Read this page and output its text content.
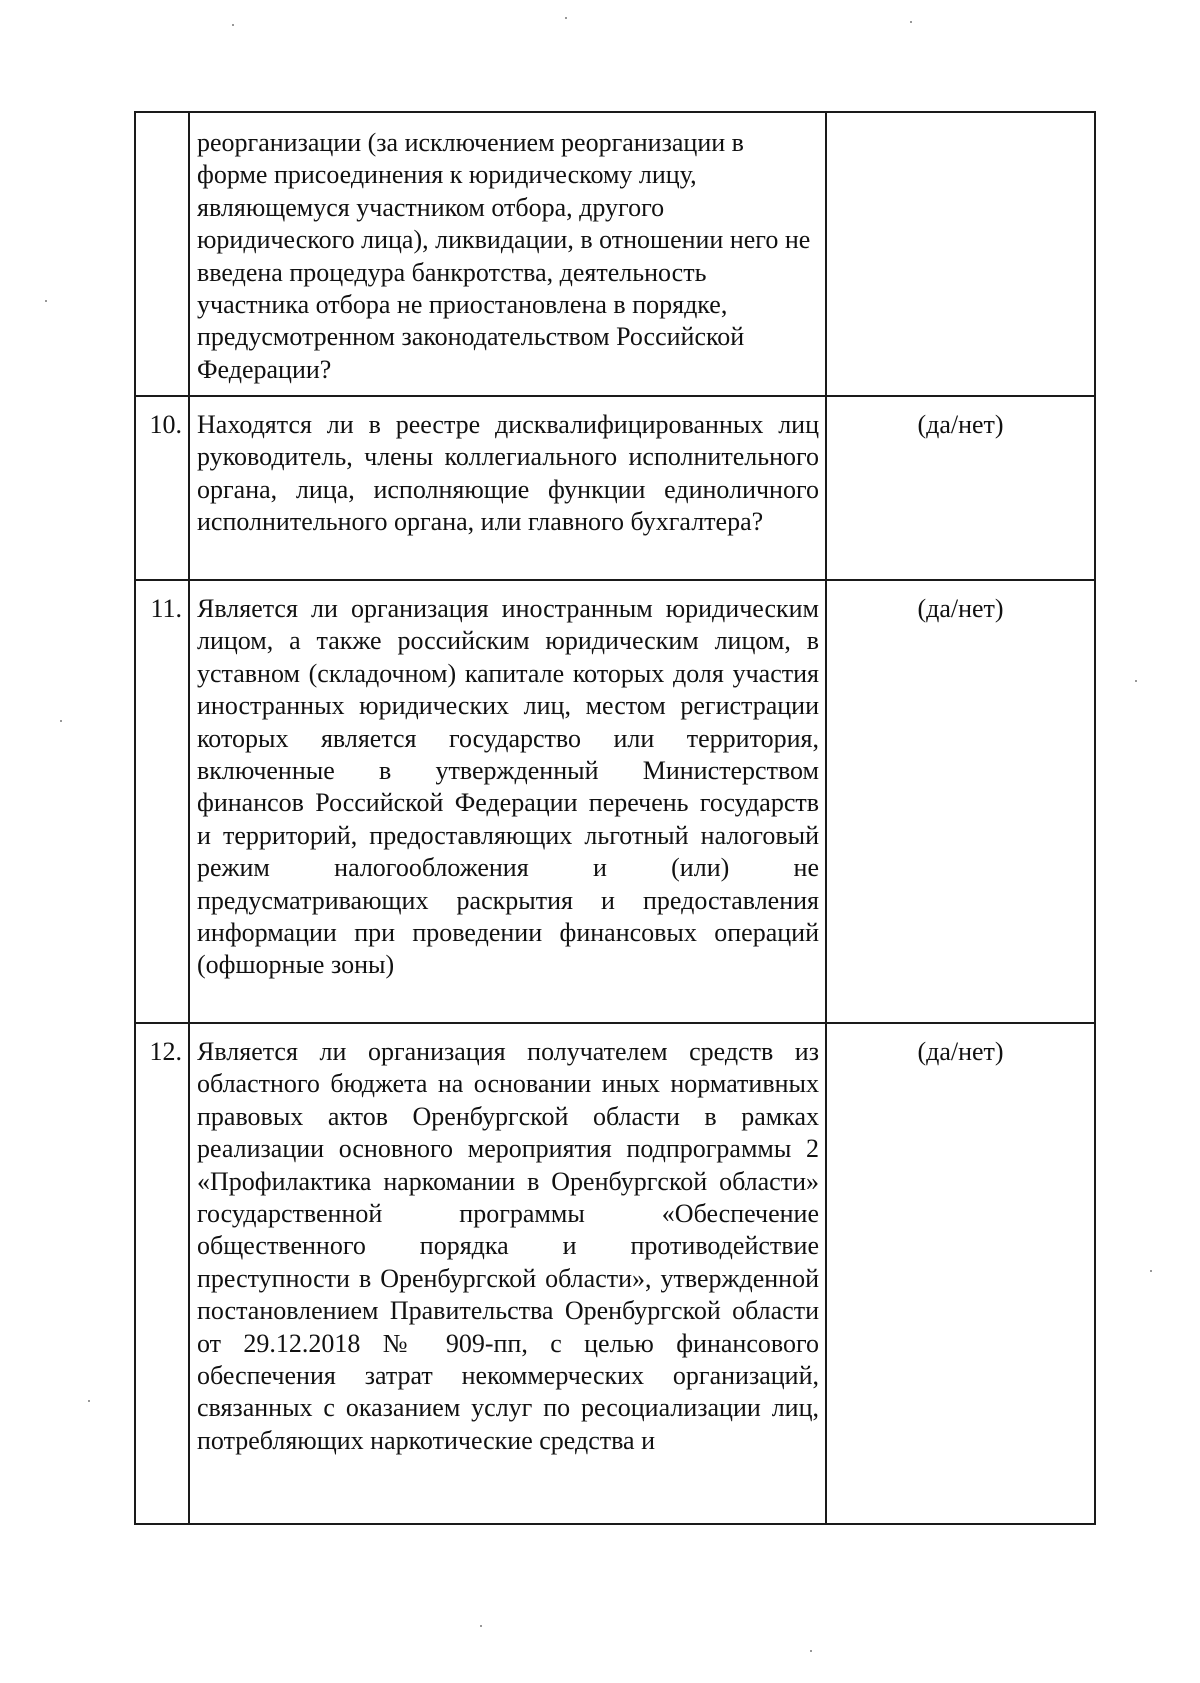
	реорганизации (за исключением реорганизации в форме присоединения к юридическому лицу, являющемуся участником отбора, другого юридического лица), ликвидации, в отношении него не введена процедура банкротства, деятельность участника отбора не приостановлена в порядке, предусмотренном законодательством Российской Федерации?	
10.	Находятся ли в реестре дисквалифицированных лиц руководитель, члены коллегиального исполнительного органа, лица, исполняющие функции единоличного исполнительного органа, или главного бухгалтера?	(да/нет)
11.	Является ли организация иностранным юридическим лицом, а также российским юридическим лицом, в уставном (складочном) капитале которых доля участия иностранных юридических лиц, местом регистрации которых является государство или территория, включенные в утвержденный Министерством финансов Российской Федерации перечень государств и территорий, предоставляющих льготный налоговый режим налогообложения и (или) не предусматривающих раскрытия и предоставления информации при проведении финансовых операций (офшорные зоны)	(да/нет)
12.	Является ли организация получателем средств из областного бюджета на основании иных нормативных правовых актов Оренбургской области в рамках реализации основного мероприятия подпрограммы 2 «Профилактика наркомании в Оренбургской области» государственной программы «Обеспечение общественного порядка и противодействие преступности в Оренбургской области», утвержденной постановлением Правительства Оренбургской области от 29.12.2018 № 909-пп, с целью финансового обеспечения затрат некоммерческих организаций, связанных с оказанием услуг по ресоциализации лиц, потребляющих наркотические средства и	(да/нет)
